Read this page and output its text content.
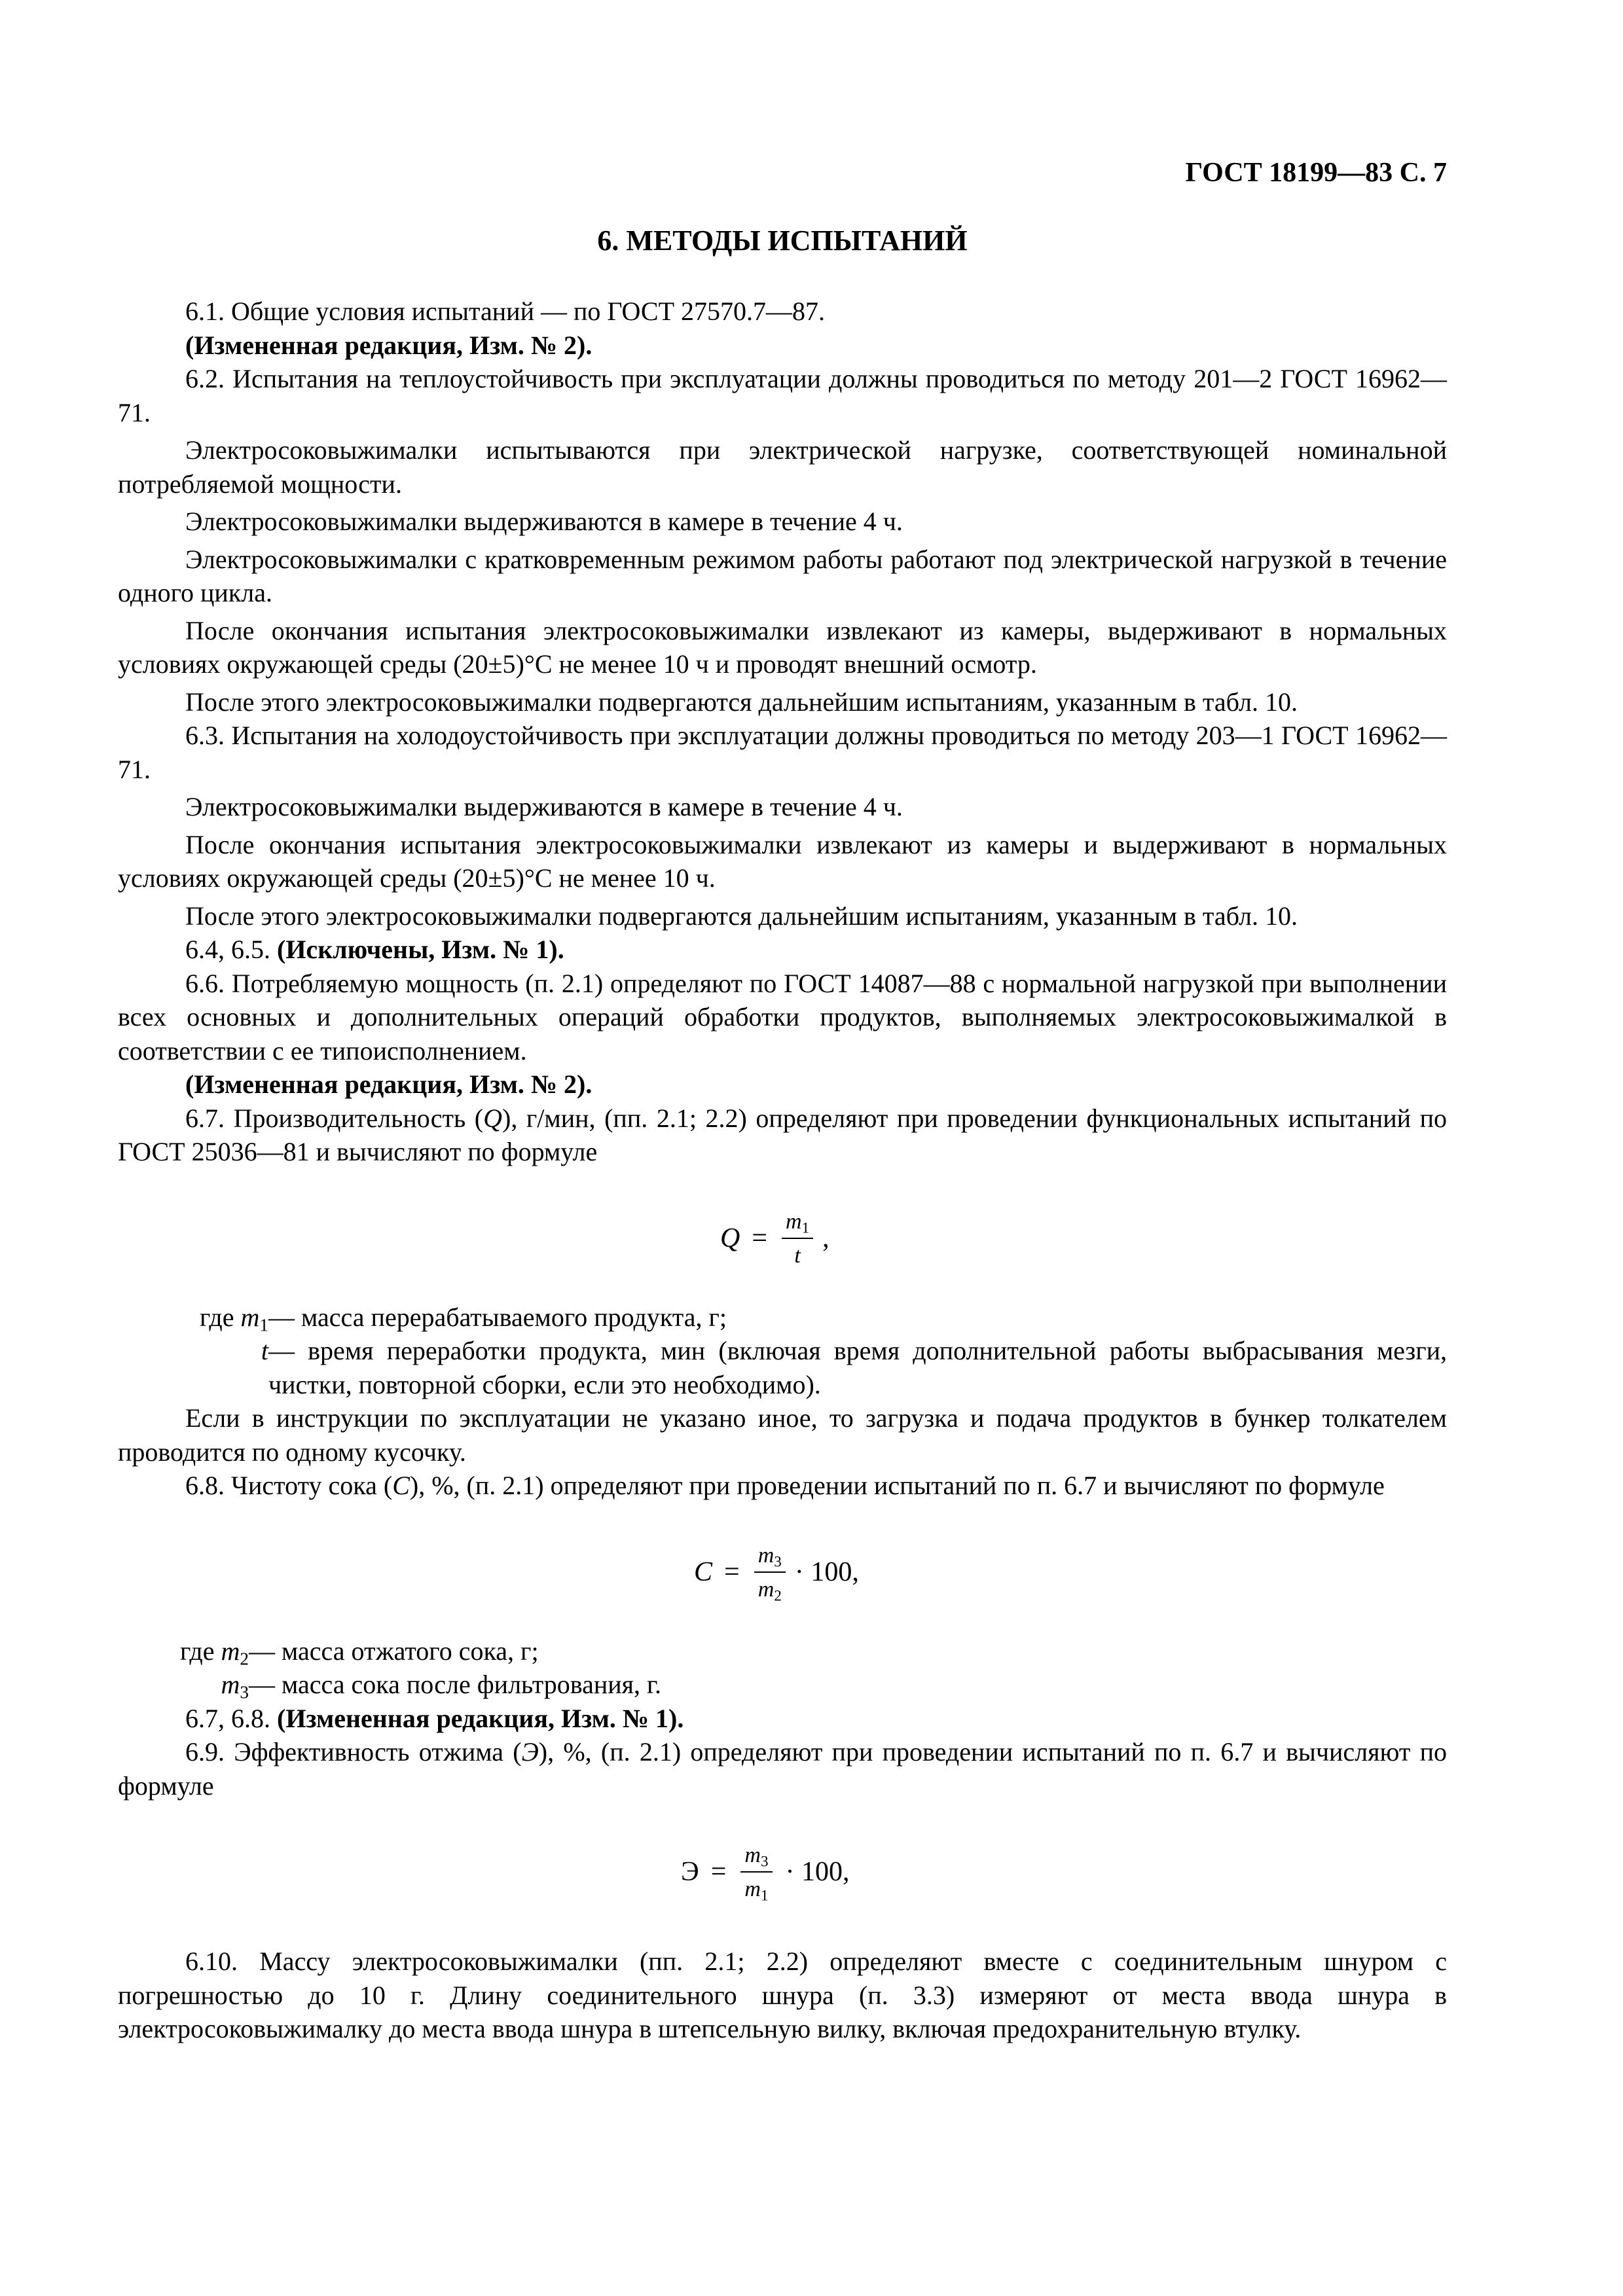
ГОСТ 18199—83 С. 7
6. МЕТОДЫ ИСПЫТАНИЙ

6.1. Общие условия испытаний — по ГОСТ 27570.7—87.

(Измененная редакция, Изм. № 2).

6.2. Испытания на теплоустойчивость при эксплуатации должны проводиться по методу 201—2 ГОСТ 16962—71.

Электросоковыжималки испытываются при электрической нагрузке, соответствующей номинальной потребляемой мощности.

Электросоковыжималки выдерживаются в камере в течение 4 ч.

Электросоковыжималки с кратковременным режимом работы работают под электрической нагрузкой в течение одного цикла.

После окончания испытания электросоковыжималки извлекают из камеры, выдерживают в нормальных условиях окружающей среды (20±5)°С не менее 10 ч и проводят внешний осмотр.

После этого электросоковыжималки подвергаются дальнейшим испытаниям, указанным в табл. 10.

6.3. Испытания на холодоустойчивость при эксплуатации должны проводиться по методу 203—1 ГОСТ 16962—71.

Электросоковыжималки выдерживаются в камере в течение 4 ч.

После окончания испытания электросоковыжималки извлекают из камеры и выдерживают в нормальных условиях окружающей среды (20±5)°С не менее 10 ч.

После этого электросоковыжималки подвергаются дальнейшим испытаниям, указанным в табл. 10.

6.4, 6.5. (Исключены, Изм. № 1).

6.6. Потребляемую мощность (п. 2.1) определяют по ГОСТ 14087—88 с нормальной нагрузкой при выполнении всех основных и дополнительных операций обработки продуктов, выполняемых электросоковыжималкой в соответствии с ее типоисполнением.

(Измененная редакция, Изм. № 2).

6.7. Производительность (Q), г/мин, (пп. 2.1; 2.2) определяют при проведении функциональных испытаний по ГОСТ 25036—81 и вычисляют по формуле

$Q = \frac{m_1}{t}$ ,
где $m_1$ — масса перерабатываемого продукта, г;
t — время переработки продукта, мин (включая время дополнительной работы выбрасывания мезги, чистки, повторной сборки, если это необходимо).

Если в инструкции по эксплуатации не указано иное, то загрузка и подача продуктов в бункер толкателем проводится по одному кусочку.

6.8. Чистоту сока (С), %, (п. 2.1) определяют при проведении испытаний по п. 6.7 и вычисляют по формуле

$C = \frac{m_3}{m_2} \cdot 100$,
где $m_2$ — масса отжатого сока, г;
$m_3$ — масса сока после фильтрования, г.

6.7, 6.8. (Измененная редакция, Изм. № 1).

6.9. Эффективность отжима (Э), %, (п. 2.1) определяют при проведении испытаний по п. 6.7 и вычисляют по формуле

$Э = \frac{m_3}{m_1} \cdot 100$,

6.10. Массу электросоковыжималки (пп. 2.1; 2.2) определяют вместе с соединительным шнуром с погрешностью до 10 г. Длину соединительного шнура (п. 3.3) измеряют от места ввода шнура в электросоковыжималку до места ввода шнура в штепсельную вилку, включая предохранительную втулку.
